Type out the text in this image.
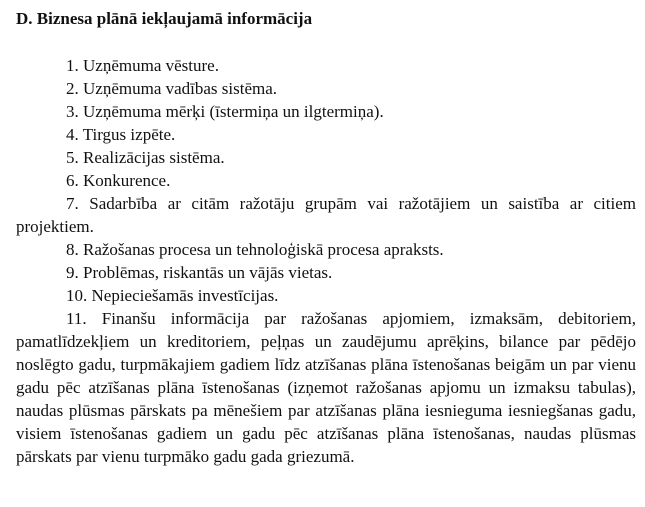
D. Biznesa plānā iekļaujamā informācija

1. Uzņēmuma vēsture.

2. Uzņēmuma vadības sistēma.

3. Uzņēmuma mērķi (īstermiņa un ilgtermiņa).

4. Tirgus izpēte.

5. Realizācijas sistēma.

6. Konkurence.

7. Sadarbība ar citām ražotāju grupām vai ražotājiem un saistība ar citiem projektiem.

8. Ražošanas procesa un tehnoloģiskā procesa apraksts.

9. Problēmas, riskantās un vājās vietas.

10. Nepieciešamās investīcijas.

11. Finanšu informācija par ražošanas apjomiem, izmaksām, debitoriem, pamatlīdzekļiem un kreditoriem, peļņas un zaudējumu aprēķins, bilance par pēdējo noslēgto gadu, turpmākajiem gadiem līdz atzīšanas plāna īstenošanas beigām un par vienu gadu pēc atzīšanas plāna īstenošanas (izņemot ražošanas apjomu un izmaksu tabulas), naudas plūsmas pārskats pa mēnešiem par atzīšanas plāna iesnieguma iesniegšanas gadu, visiem īstenošanas gadiem un gadu pēc atzīšanas plāna īstenošanas, naudas plūsmas pārskats par vienu turpmāko gadu gada griezumā.
